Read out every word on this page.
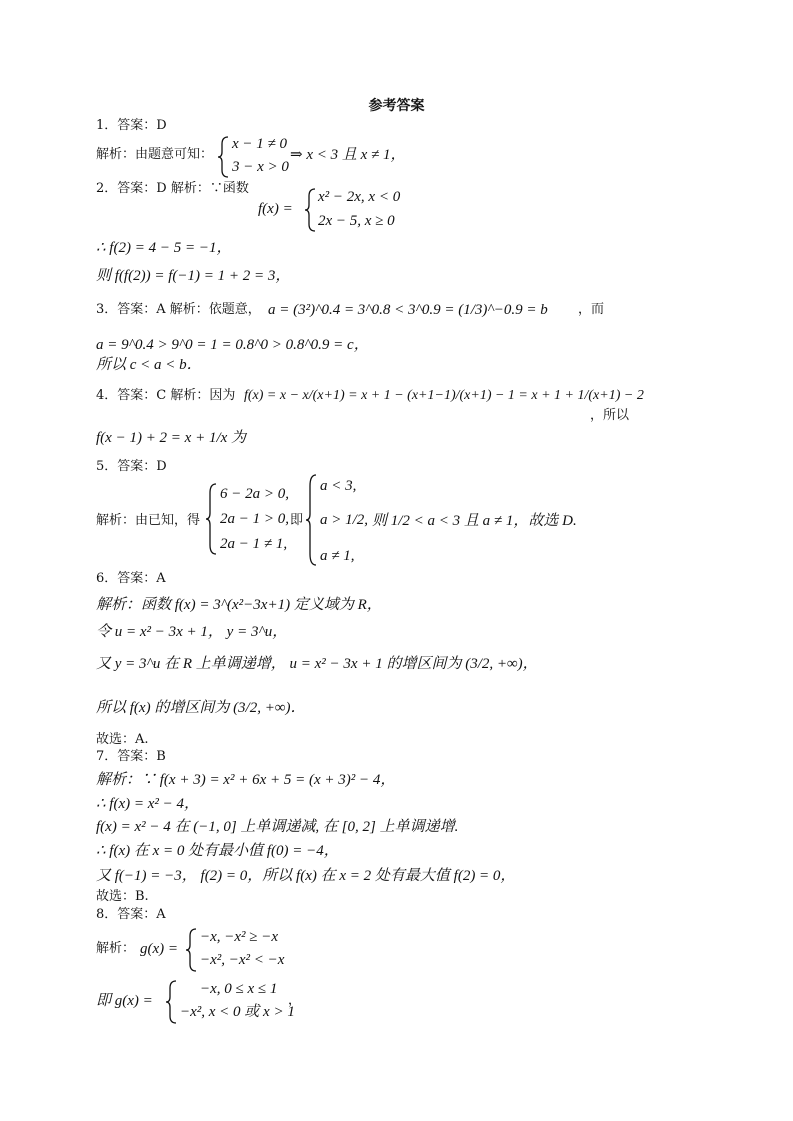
参考答案
1．答案：D
解析：由题意可知：
x − 1 ≠ 0
3 − x > 0
⇒ x < 3 且 x ≠ 1，
2．答案：D 解析：∵函数
f(x) =
x² − 2x, x < 0
2x − 5, x ≥ 0
∴ f(2) = 4 − 5 = −1，
则 f(f(2)) = f(−1) = 1 + 2 = 3，
3．答案：A 解析：依题意， a = (3²)^0.4 = 3^0.8 < 3^0.9 = (1/3)^−0.9 = b ，而
a = 9^0.4 > 9^0 = 1 = 0.8^0 > 0.8^0.9 = c，
所以 c < a < b．
4．答案：C 解析：因为 f(x) = x − x/(x+1) = x + 1 − (x+1−1)/(x+1) − 1 = x + 1 + 1/(x+1) − 2
，所以
f(x − 1) + 2 = x + 1/x 为
5．答案：D
解析：由已知，得
6 − 2a > 0,
2a − 1 > 0,
2a − 1 ≠ 1,
即
a < 3,
a > 1/2,
a ≠ 1,
则 1/2 < a < 3 且 a ≠ 1，故选 D.
6．答案：A
解析：函数 f(x) = 3^(x²−3x+1) 定义域为 R，
令 u = x² − 3x + 1， y = 3^u，
又 y = 3^u 在 R 上单调递增， u = x² − 3x + 1 的增区间为 (3/2, +∞)，
所以 f(x) 的增区间为 (3/2, +∞)．
故选：A.
7．答案：B
解析：∵ f(x + 3) = x² + 6x + 5 = (x + 3)² − 4，
∴ f(x) = x² − 4，
f(x) = x² − 4 在 (−1, 0] 上单调递减, 在 [0, 2] 上单调递增.
∴ f(x) 在 x = 0 处有最小值 f(0) = −4，
又 f(−1) = −3， f(2) = 0，所以 f(x) 在 x = 2 处有最大值 f(2) = 0，
故选：B.
8．答案：A
解析： g(x) =
−x, −x² ≥ −x
−x², −x² < −x
即 g(x) =
−x, 0 ≤ x ≤ 1
−x², x < 0 或 x > 1
，
